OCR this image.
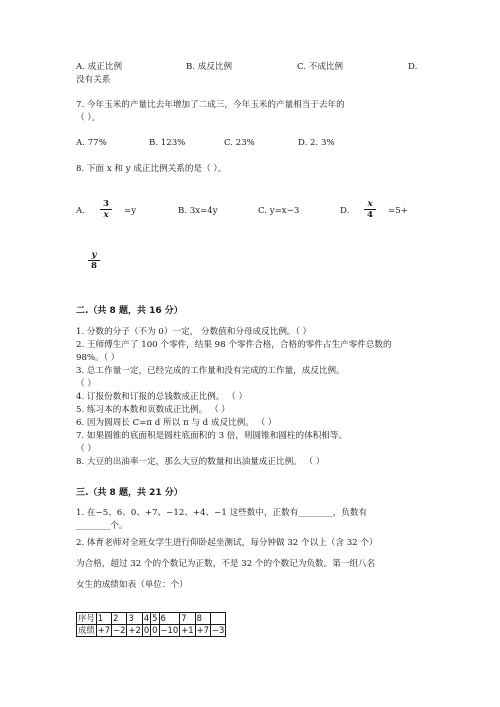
A. 成正比例	B. 成反比例	C. 不成比例	D.
没有关系
7. 今年玉米的产量比去年增加了二成三，今年玉米的产量相当于去年的
（ ）。
A. 77%	B. 123%	C. 23%	D. 2. 3%
8. 下面 x 和 y 成正比例关系的是（ ）。
A. $\frac{3}{x} =y$	B. 3x=4y	C. y=x−3	D. $\frac{x}{4} =5+$
$\frac{y}{8}$
二.（共 8 题，共 16 分）
1. 分数的分子（不为 0）一定， 分数值和分母成反比例。（ ）
2. 王师傅生产了 100 个零件，结果 98 个零件合格，合格的零件占生产零件总数的
98%。（ ）
3. 总工作量一定，已经完成的工作量和没有完成的工作量，成反比例。
（ ）
4. 订报份数和订报的总钱数成正比例。 （ ）
5. 练习本的本数和页数成正比例。 （ ）
6. 因为圆周长 C=π d 所以 π 与 d 成反比例。 （ ）
7. 如果圆锥的底面积是圆柱底面积的 3 倍，则圆锥和圆柱的体积相等。
（ ）
8. 大豆的出油率一定，那么大豆的数量和出油量成正比例。 （ ）
三.（共 8 题，共 21 分）
1. 在−5、6、0、+7、−12、+4、−1 这些数中，正数有________，负数有
________个。
2. 体育老师对全班女学生进行仰卧起坐测试，每分钟做 32 个以上（含 32 个）
为合格，超过 32 个的个数记为正数，不是 32 个的个数记为负数。第一组八名
女生的成绩如表（单位：个）
序号	1	2	3	4	5	6	7	8	
成绩	+7	−2	+2	0	0	−10	+1	+7	−3
